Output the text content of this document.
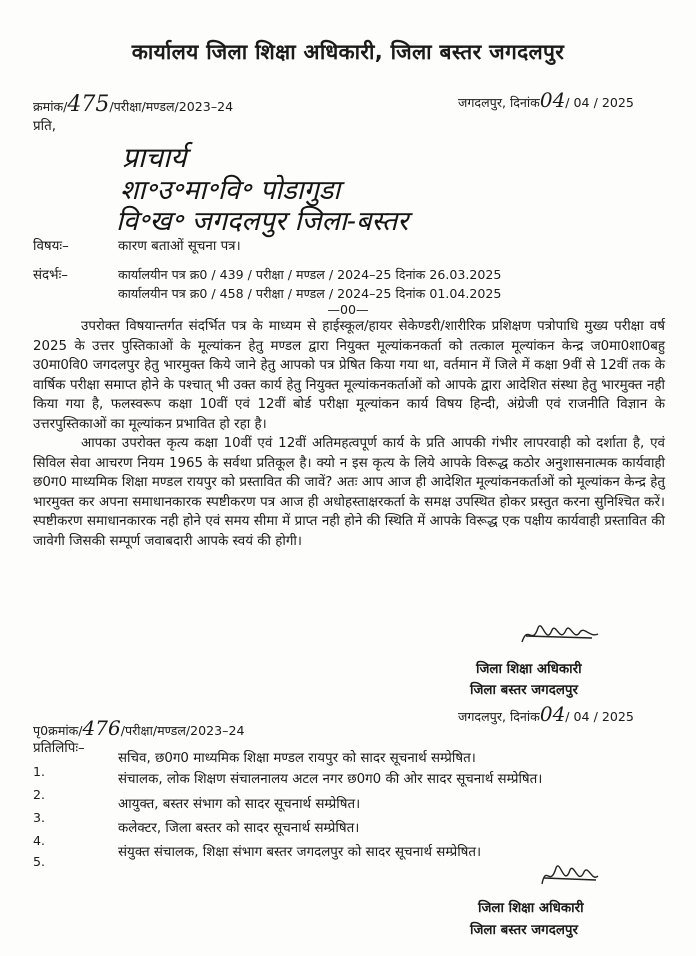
कार्यालय जिला शिक्षा अधिकारी, जिला बस्तर जगदलपुर
क्रमांक/475/परीक्षा/मण्डल/2023–24	जगदलपुर, दिनांक04/ 04 / 2025
प्रति,
प्राचार्य
शा॰उ॰मा॰वि॰ पोडागुडा
वि॰ख॰ जगदलपुर जिला-बस्तर
विषयः–	कारण बताओं सूचना पत्र।
संदर्भः–	कार्यालयीन पत्र क्र0 / 439 / परीक्षा / मण्डल / 2024–25 दिनांक 26.03.2025
कार्यालयीन पत्र क्र0 / 458 / परीक्षा / मण्डल / 2024–25 दिनांक 01.04.2025
—00—

उपरोक्त विषयान्तर्गत संदर्भित पत्र के माध्यम से हाईस्कूल/हायर सेकेण्डरी/शारीरिक प्रशिक्षण पत्रोपाधि मुख्य परीक्षा वर्ष 2025 के उत्तर पुस्तिकाओं के मूल्यांकन हेतु मण्डल द्वारा नियुक्त मूल्यांकनकर्ता को तत्काल मूल्यांकन केन्द्र ज0मा0शा0बहु उ0मा0वि0 जगदलपुर हेतु भारमुक्त किये जाने हेतु आपको पत्र प्रेषित किया गया था, वर्तमान में जिले में कक्षा 9वीं से 12वीं तक के वार्षिक परीक्षा समाप्त होने के पश्चात् भी उक्त कार्य हेतु नियुक्त मूल्यांकनकर्ताओं को आपके द्वारा आदेशित संस्था हेतु भारमुक्त नही किया गया है, फलस्वरूप कक्षा 10वीं एवं 12वीं बोर्ड परीक्षा मूल्यांकन कार्य विषय हिन्दी, अंग्रेजी एवं राजनीति विज्ञान के उत्तरपुस्तिकाओं का मूल्यांकन प्रभावित हो रहा है।

आपका उपरोक्त कृत्य कक्षा 10वीं एवं 12वीं अतिमहत्वपूर्ण कार्य के प्रति आपकी गंभीर लापरवाही को दर्शाता है, एवं सिविल सेवा आचरण नियम 1965 के सर्वथा प्रतिकूल है। क्यो न इस कृत्य के लिये आपके विरूद्ध कठोर अनुशासनात्मक कार्यवाही छ0ग0 माध्यमिक शिक्षा मण्डल रायपुर को प्रस्तावित की जावें? अतः आप आज ही आदेशित मूल्यांकनकर्ताओं को मूल्यांकन केन्द्र हेतु भारमुक्त कर अपना समाधानकारक स्पष्टीकरण पत्र आज ही अधोहस्ताक्षरकर्ता के समक्ष उपस्थित होकर प्रस्तुत करना सुनिश्चित करें। स्पष्टीकरण समाधानकारक नही होने एवं समय सीमा में प्राप्त नही होने की स्थिति में आपके विरूद्ध एक पक्षीय कार्यवाही प्रस्तावित की जावेगी जिसकी सम्पूर्ण जवाबदारी आपके स्वयं की होगी।

जिला शिक्षा अधिकारी
जिला बस्तर जगदलपुर
पृ0क्रमांक/476/परीक्षा/मण्डल/2023–24
जगदलपुर, दिनांक04/ 04 / 2025
प्रतिलिपिः–
1.
सचिव, छ0ग0 माध्यमिक शिक्षा मण्डल रायपुर को सादर सूचनार्थ सम्प्रेषित।
2.
संचालक, लोक शिक्षण संचालनालय अटल नगर छ0ग0 की ओर सादर सूचनार्थ सम्प्रेषित।
3.
आयुक्त, बस्तर संभाग को सादर सूचनार्थ सम्प्रेषित।
4.
कलेक्टर, जिला बस्तर को सादर सूचनार्थ सम्प्रेषित।
5.
संयुक्त संचालक, शिक्षा संभाग बस्तर जगदलपुर को सादर सूचनार्थ सम्प्रेषित।
जिला शिक्षा अधिकारी
जिला बस्तर जगदलपुर
